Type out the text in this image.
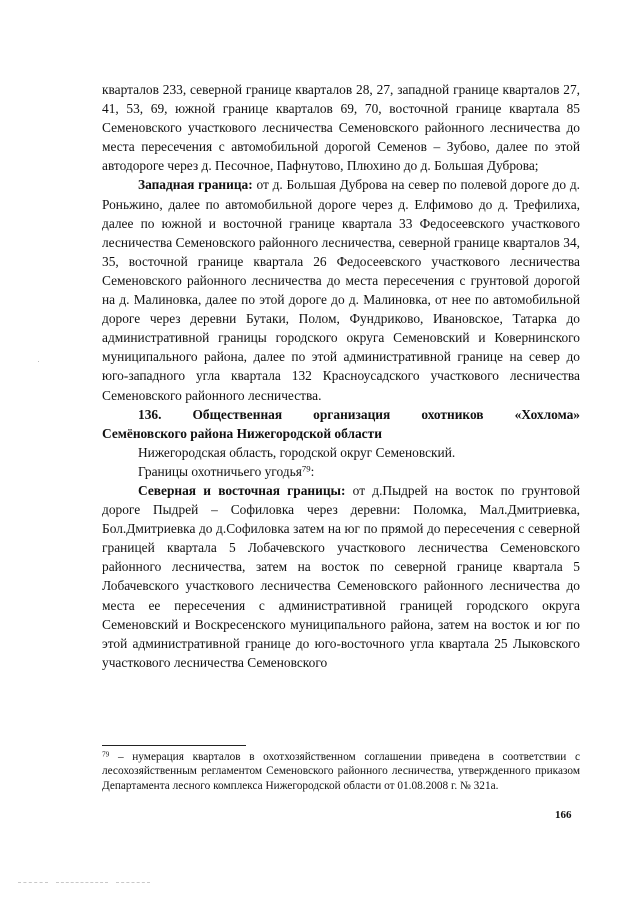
кварталов 233, северной границе кварталов 28, 27, западной границе кварталов 27, 41, 53, 69, южной границе кварталов 69, 70, восточной границе квартала 85 Семеновского участкового лесничества Семеновского районного лесничества до места пересечения с автомобильной дорогой Семенов – Зубово, далее по этой автодороге через д. Песочное, Пафнутово, Плюхино до д. Большая Дуброва;

Западная граница: от д. Большая Дуброва на север по полевой дороге до д. Роньжино, далее по автомобильной дороге через д. Елфимово до д. Трефилиха, далее по южной и восточной границе квартала 33 Федосеевского участкового лесничества Семеновского районного лесничества, северной границе кварталов 34, 35, восточной границе квартала 26 Федосеевского участкового лесничества Семеновского районного лесничества до места пересечения с грунтовой дорогой на д. Малиновка, далее по этой дороге до д. Малиновка, от нее по автомобильной дороге через деревни Бутаки, Полом, Фундриково, Ивановское, Татарка до административной границы городского округа Семеновский и Ковернинского муниципального района, далее по этой административной границе на север до юго-западного угла квартала 132 Красноусадского участкового лесничества Семеновского районного лесничества.

136. Общественная организация охотников «Хохлома»

Семёновского района Нижегородской области

Нижегородская область, городской округ Семеновский.

Границы охотничьего угодья$^{79}$:

Северная и восточная границы: от д.Пыдрей на восток по грунтовой дороге Пыдрей – Софиловка через деревни: Поломка, Мал.Дмитриевка, Бол.Дмитриевка до д.Софиловка затем на юг по прямой до пересечения с северной границей квартала 5 Лобачевского участкового лесничества Семеновского районного лесничества, затем на восток по северной границе квартала 5 Лобачевского участкового лесничества Семеновского районного лесничества до места ее пересечения с административной границей городского округа Семеновский и Воскресенского муниципального района, затем на восток и юг по этой административной границе до юго-восточного угла квартала 25 Лыковского участкового лесничества Семеновского

$^{79}$ – нумерация кварталов в охотхозяйственном соглашении приведена в соответствии с лесохозяйственным регламентом Семеновского районного лесничества, утвержденного приказом Департамента лесного комплекса Нижегородской области от 01.08.2008 г. № 321а.
166
